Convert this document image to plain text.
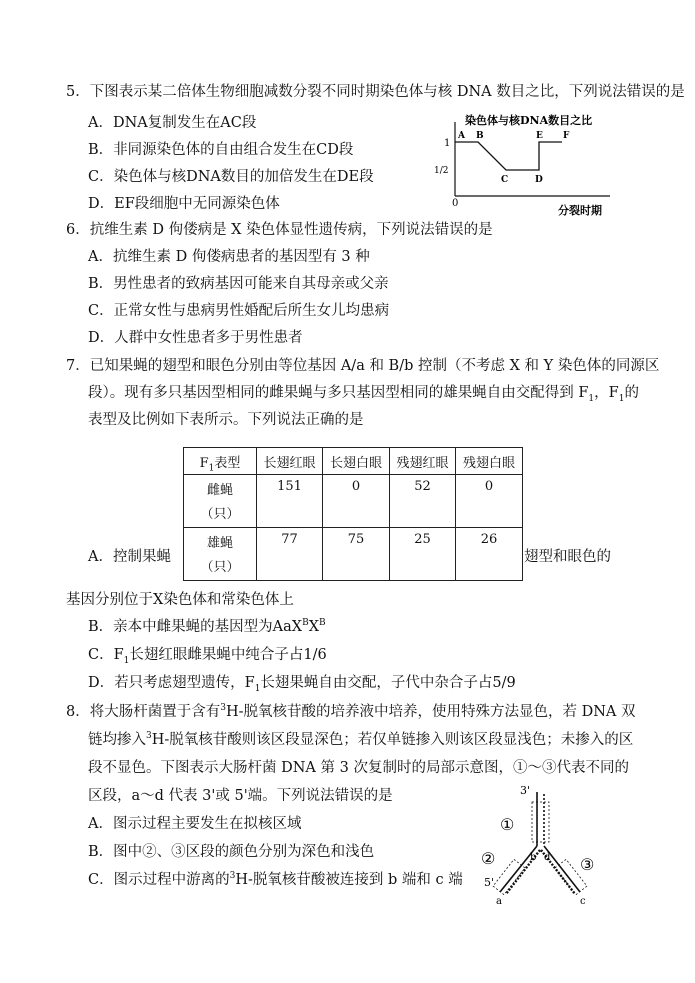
5．下图表示某二倍体生物细胞减数分裂不同时期染色体与核 DNA 数目之比，下列说法错误的是
A．DNA复制发生在AC段
B．非同源染色体的自由组合发生在CD段
C．染色体与核DNA数目的加倍发生在DE段
D．EF段细胞中无同源染色体
染色体与核DNA数目之比
1
1/2
0
分裂时期
A B
C	D
E F
6．抗维生素 D 佝偻病是 X 染色体显性遗传病，下列说法错误的是
A．抗维生素 D 佝偻病患者的基因型有 3 种
B．男性患者的致病基因可能来自其母亲或父亲
C．正常女性与患病男性婚配后所生女儿均患病
D．人群中女性患者多于男性患者
7．已知果蝇的翅型和眼色分别由等位基因 A/a 和 B/b 控制（不考虑 X 和 Y 染色体的同源区
段）。现有多只基因型相同的雌果蝇与多只基因型相同的雄果蝇自由交配得到 $F_1$，$F_1$的
表型及比例如下表所示。下列说法正确的是
$F_1$表型	长翅红眼	长翅白眼	残翅红眼	残翅白眼

雌蝇
（只）	151	0	52	0

雄蝇
（只）	77	75	25	26
A．控制果蝇	翅型和眼色的
基因分别位于X染色体和常染色体上
B．亲本中雌果蝇的基因型为$AaX^BX^B$
C．$F_1$长翅红眼雌果蝇中纯合子占1/6
D．若只考虑翅型遗传，$F_1$长翅果蝇自由交配，子代中杂合子占5/9
8．将大肠杆菌置于含有$^3$H-脱氧核苷酸的培养液中培养，使用特殊方法显色，若 DNA 双
链均掺入$^3$H-脱氧核苷酸则该区段显深色；若仅单链掺入则该区段显浅色；未掺入的区
段不显色。下图表示大肠杆菌 DNA 第 3 次复制时的局部示意图，①～③代表不同的
区段，a～d 代表 3'或 5'端。下列说法错误的是
A．图示过程主要发生在拟核区域
B．图中②、③区段的颜色分别为深色和浅色
C．图示过程中游离的$^3$H-脱氧核苷酸被连接到 b 端和 c 端
3'
①
②
5'
a
b	③
c
d
